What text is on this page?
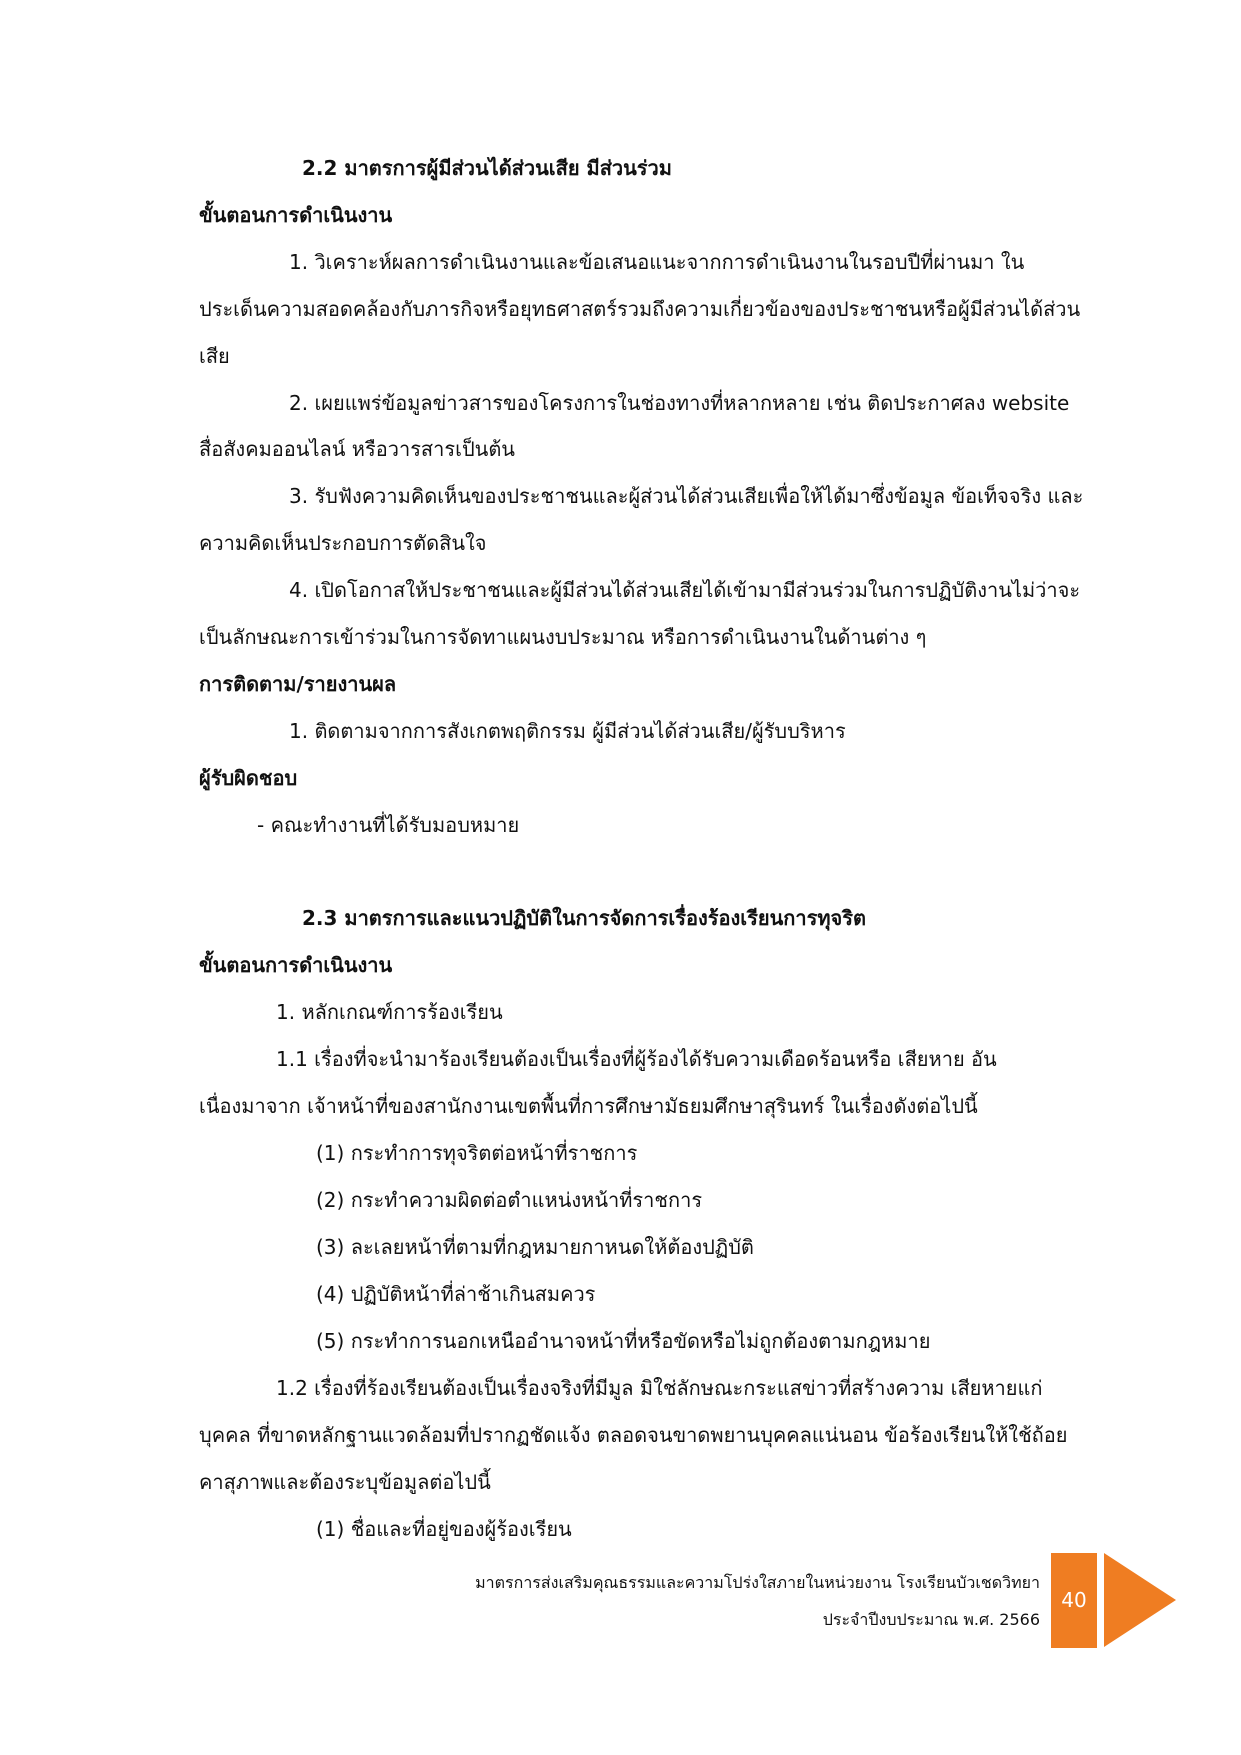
2.2 มาตรการผู้มีส่วนได้ส่วนเสีย มีส่วนร่วม
ขั้นตอนการดำเนินงาน
1. วิเคราะห์ผลการดำเนินงานและข้อเสนอแนะจากการดำเนินงานในรอบปีที่ผ่านมา ใน
ประเด็นความสอดคล้องกับภารกิจหรือยุทธศาสตร์รวมถึงความเกี่ยวข้องของประชาชนหรือผู้มีส่วนได้ส่วน
เสีย
2. เผยแพร่ข้อมูลข่าวสารของโครงการในช่องทางที่หลากหลาย เช่น ติดประกาศลง website
สื่อสังคมออนไลน์ หรือวารสารเป็นต้น
3. รับฟังความคิดเห็นของประชาชนและผู้ส่วนได้ส่วนเสียเพื่อให้ได้มาซึ่งข้อมูล ข้อเท็จจริง และ
ความคิดเห็นประกอบการตัดสินใจ
4. เปิดโอกาสให้ประชาชนและผู้มีส่วนได้ส่วนเสียได้เข้ามามีส่วนร่วมในการปฏิบัติงานไม่ว่าจะ
เป็นลักษณะการเข้าร่วมในการจัดทาแผนงบประมาณ หรือการดำเนินงานในด้านต่าง ๆ
การติดตาม/รายงานผล
1. ติดตามจากการสังเกตพฤติกรรม ผู้มีส่วนได้ส่วนเสีย/ผู้รับบริหาร
ผู้รับผิดชอบ
- คณะทำงานที่ได้รับมอบหมาย
2.3 มาตรการและแนวปฏิบัติในการจัดการเรื่องร้องเรียนการทุจริต
ขั้นตอนการดำเนินงาน
1. หลักเกณฑ์การร้องเรียน
1.1 เรื่องที่จะนำมาร้องเรียนต้องเป็นเรื่องที่ผู้ร้องได้รับความเดือดร้อนหรือ เสียหาย อัน
เนื่องมาจาก เจ้าหน้าที่ของสานักงานเขตพื้นที่การศึกษามัธยมศึกษาสุรินทร์ ในเรื่องดังต่อไปนี้
(1) กระทำการทุจริตต่อหน้าที่ราชการ
(2) กระทำความผิดต่อตำแหน่งหน้าที่ราชการ
(3) ละเลยหน้าที่ตามที่กฎหมายกาหนดให้ต้องปฏิบัติ
(4) ปฏิบัติหน้าที่ล่าช้าเกินสมควร
(5) กระทำการนอกเหนืออำนาจหน้าที่หรือขัดหรือไม่ถูกต้องตามกฎหมาย
1.2 เรื่องที่ร้องเรียนต้องเป็นเรื่องจริงที่มีมูล มิใช่ลักษณะกระแสข่าวที่สร้างความ เสียหายแก่
บุคคล ที่ขาดหลักฐานแวดล้อมที่ปรากฏชัดแจ้ง ตลอดจนขาดพยานบุคคลแน่นอน ข้อร้องเรียนให้ใช้ถ้อย
คาสุภาพและต้องระบุข้อมูลต่อไปนี้
(1) ชื่อและที่อยู่ของผู้ร้องเรียน
มาตรการส่งเสริมคุณธรรมและความโปร่งใสภายในหน่วยงาน โรงเรียนบัวเชดวิทยา
ประจำปีงบประมาณ พ.ศ. 2566
40
